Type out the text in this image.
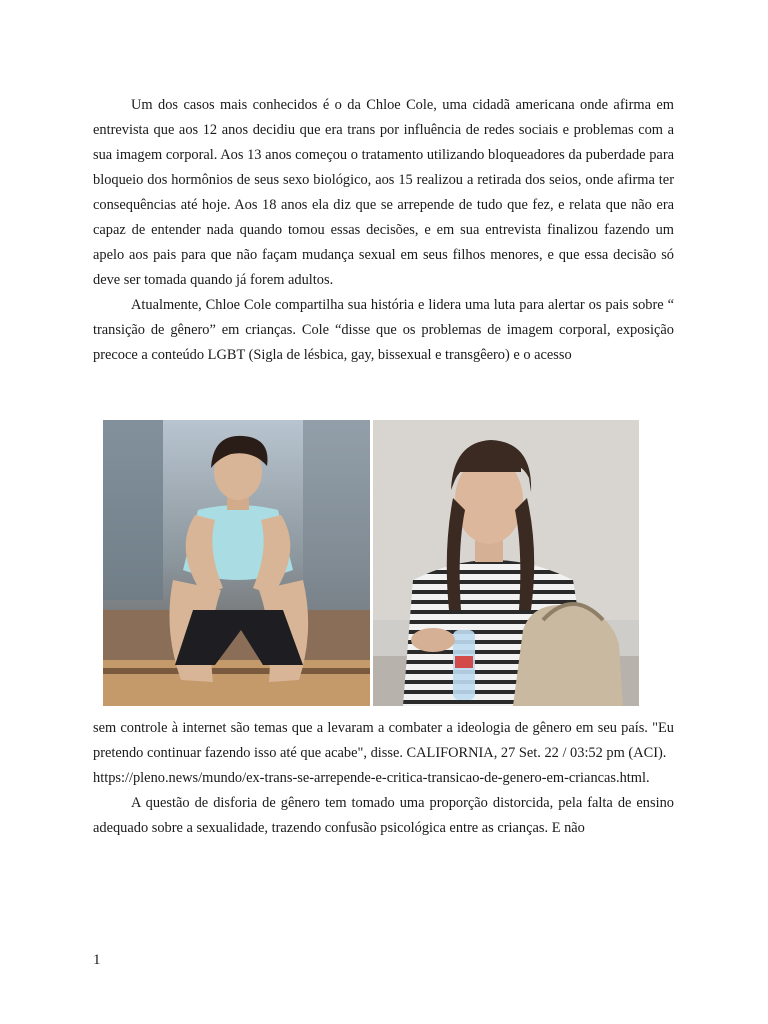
Um dos casos mais conhecidos é o da Chloe Cole, uma cidadã americana onde afirma em entrevista que aos 12 anos decidiu que era trans por influência de redes sociais e problemas com a sua imagem corporal. Aos 13 anos começou o tratamento utilizando bloqueadores da puberdade para bloqueio dos hormônios de seus sexo biológico, aos 15 realizou a retirada dos seios, onde afirma ter consequências até hoje. Aos 18 anos ela diz que se arrepende de tudo que fez, e relata que não era capaz de entender nada quando tomou essas decisões, e em sua entrevista finalizou fazendo um apelo aos pais para que não façam mudança sexual em seus filhos menores, e que essa decisão só deve ser tomada quando já forem adultos.

Atualmente, Chloe Cole compartilha sua história e lidera uma luta para alertar os pais sobre “ transição de gênero” em crianças. Cole “disse que os problemas de imagem corporal, exposição precoce a conteúdo LGBT (Sigla de lésbica, gay, bissexual e transgêero) e o acesso

sem controle à internet são temas que a levaram a combater a ideologia de gênero em seu país. "Eu pretendo continuar fazendo isso até que acabe", disse. CALIFORNIA, 27 Set. 22 / 03:52 pm (ACI).

https://pleno.news/mundo/ex-trans-se-arrepende-e-critica-transicao-de-genero-em-criancas.html.

A questão de disforia de gênero tem tomado uma proporção distorcida, pela falta de ensino adequado sobre a sexualidade, trazendo confusão psicológica entre as crianças. E não

1
